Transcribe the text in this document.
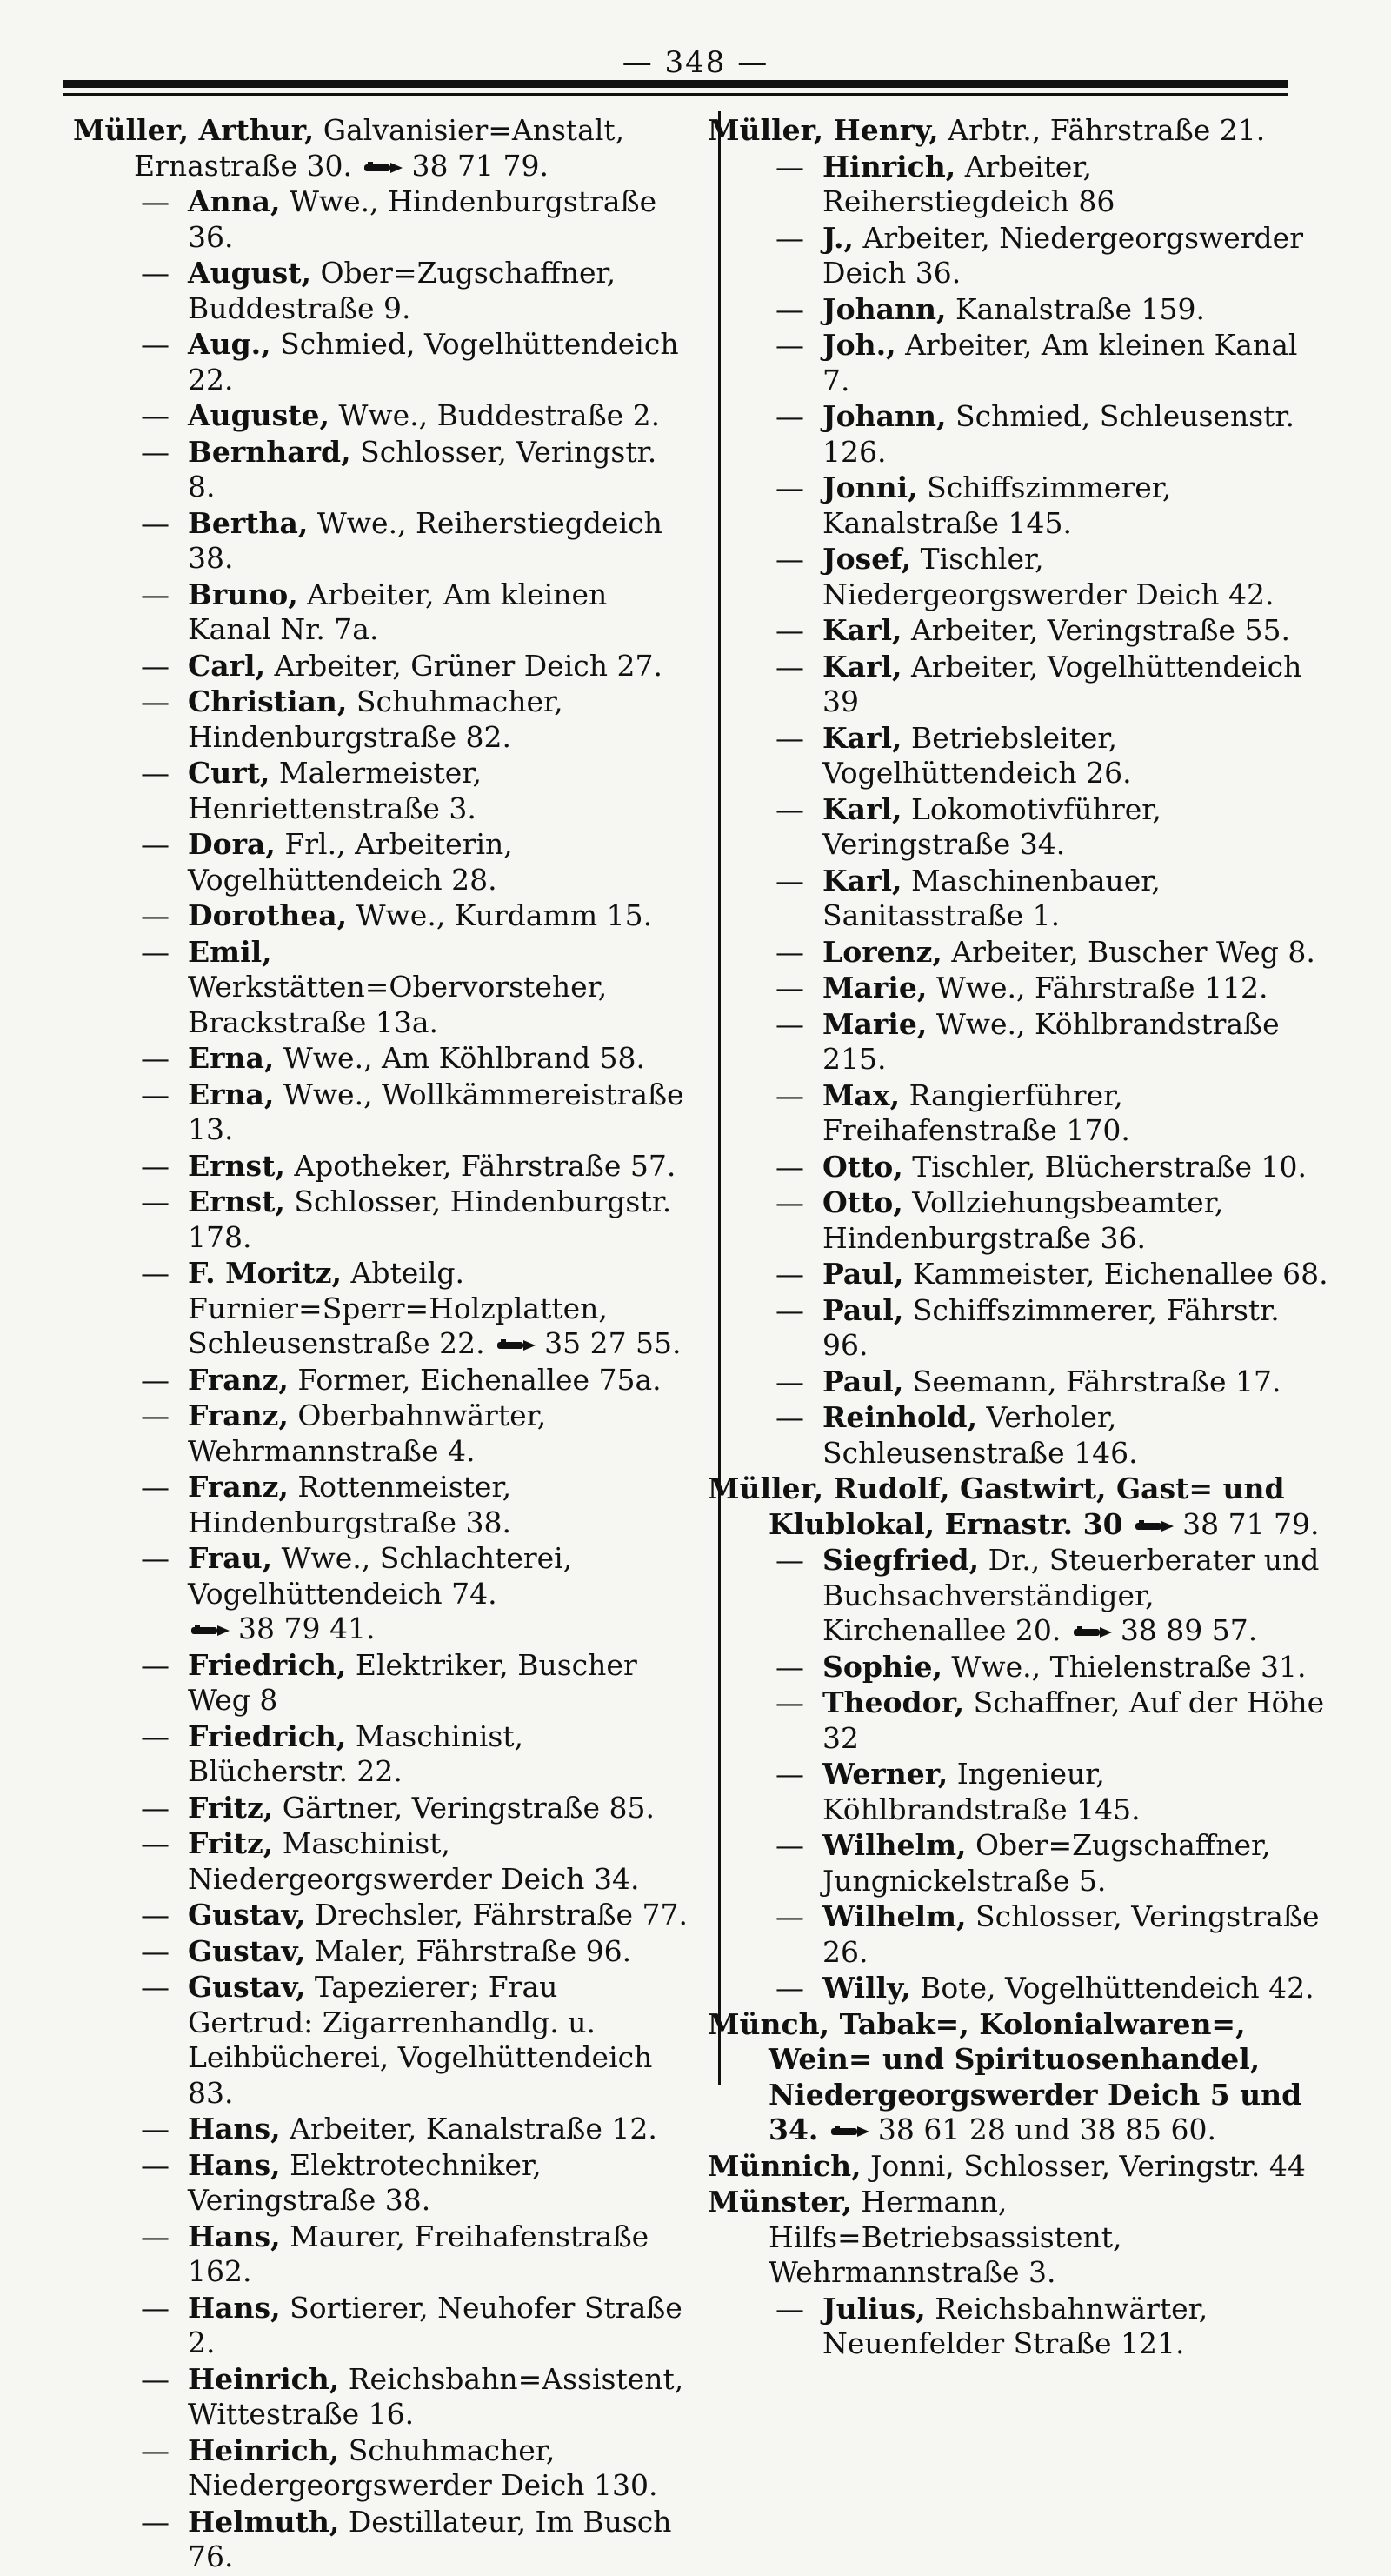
— 348 —
Müller, Arthur, Galvanisier=Anstalt, Ernastraße 30. 38 71 79.
— Anna, Wwe., Hindenburgstraße 36.
— August, Ober=Zugschaffner, Buddestraße 9.
— Aug., Schmied, Vogelhüttendeich 22.
— Auguste, Wwe., Buddestraße 2.
— Bernhard, Schlosser, Veringstr. 8.
— Bertha, Wwe., Reiherstiegdeich 38.
— Bruno, Arbeiter, Am kleinen Kanal Nr. 7a.
— Carl, Arbeiter, Grüner Deich 27.
— Christian, Schuhmacher, Hindenburgstraße 82.
— Curt, Malermeister, Henriettenstraße 3.
— Dora, Frl., Arbeiterin, Vogelhüttendeich 28.
— Dorothea, Wwe., Kurdamm 15.
— Emil, Werkstätten=Obervorsteher, Brackstraße 13a.
— Erna, Wwe., Am Köhlbrand 58.
— Erna, Wwe., Wollkämmereistraße 13.
— Ernst, Apotheker, Fährstraße 57.
— Ernst, Schlosser, Hindenburgstr. 178.
— F. Moritz, Abteilg. Furnier=Sperr=Holzplatten, Schleusenstraße 22. 35 27 55.
— Franz, Former, Eichenallee 75a.
— Franz, Oberbahnwärter, Wehrmannstraße 4.
— Franz, Rottenmeister, Hindenburgstraße 38.
— Frau, Wwe., Schlachterei, Vogelhüttendeich 74.
38 79 41.
— Friedrich, Elektriker, Buscher Weg 8
— Friedrich, Maschinist, Blücherstr. 22.
— Fritz, Gärtner, Veringstraße 85.
— Fritz, Maschinist, Niedergeorgswerder Deich 34.
— Gustav, Drechsler, Fährstraße 77.
— Gustav, Maler, Fährstraße 96.
— Gustav, Tapezierer; Frau Gertrud: Zigarrenhandlg. u. Leihbücherei, Vogelhüttendeich 83.
— Hans, Arbeiter, Kanalstraße 12.
— Hans, Elektrotechniker, Veringstraße 38.
— Hans, Maurer, Freihafenstraße 162.
— Hans, Sortierer, Neuhofer Straße 2.
— Heinrich, Reichsbahn=Assistent, Wittestraße 16.
— Heinrich, Schuhmacher, Niedergeorgswerder Deich 130.
— Helmuth, Destillateur, Im Busch 76.
Müller, Henry, Arbtr., Fährstraße 21.
— Hinrich, Arbeiter, Reiherstiegdeich 86
— J., Arbeiter, Niedergeorgswerder Deich 36.
— Johann, Kanalstraße 159.
— Joh., Arbeiter, Am kleinen Kanal 7.
— Johann, Schmied, Schleusenstr. 126.
— Jonni, Schiffszimmerer, Kanalstraße 145.
— Josef, Tischler, Niedergeorgswerder Deich 42.
— Karl, Arbeiter, Veringstraße 55.
— Karl, Arbeiter, Vogelhüttendeich 39
— Karl, Betriebsleiter, Vogelhüttendeich 26.
— Karl, Lokomotivführer, Veringstraße 34.
— Karl, Maschinenbauer, Sanitasstraße 1.
— Lorenz, Arbeiter, Buscher Weg 8.
— Marie, Wwe., Fährstraße 112.
— Marie, Wwe., Köhlbrandstraße 215.
— Max, Rangierführer, Freihafenstraße 170.
— Otto, Tischler, Blücherstraße 10.
— Otto, Vollziehungsbeamter, Hindenburgstraße 36.
— Paul, Kammeister, Eichenallee 68.
— Paul, Schiffszimmerer, Fährstr. 96.
— Paul, Seemann, Fährstraße 17.
— Reinhold, Verholer, Schleusenstraße 146.
Müller, Rudolf, Gastwirt, Gast= und Klublokal, Ernastr. 30 38 71 79.
— Siegfried, Dr., Steuerberater und Buchsachverständiger, Kirchenallee 20. 38 89 57.
— Sophie, Wwe., Thielenstraße 31.
— Theodor, Schaffner, Auf der Höhe 32
— Werner, Ingenieur, Köhlbrandstraße 145.
— Wilhelm, Ober=Zugschaffner, Jungnickelstraße 5.
— Wilhelm, Schlosser, Veringstraße 26.
— Willy, Bote, Vogelhüttendeich 42.
Münch, Tabak=, Kolonialwaren=, Wein= und Spirituosenhandel, Niedergeorgswerder Deich 5 und 34. 38 61 28 und 38 85 60.
Münnich, Jonni, Schlosser, Veringstr. 44
Münster, Hermann, Hilfs=Betriebsassistent, Wehrmannstraße 3.
— Julius, Reichsbahnwärter, Neuenfelder Straße 121.
